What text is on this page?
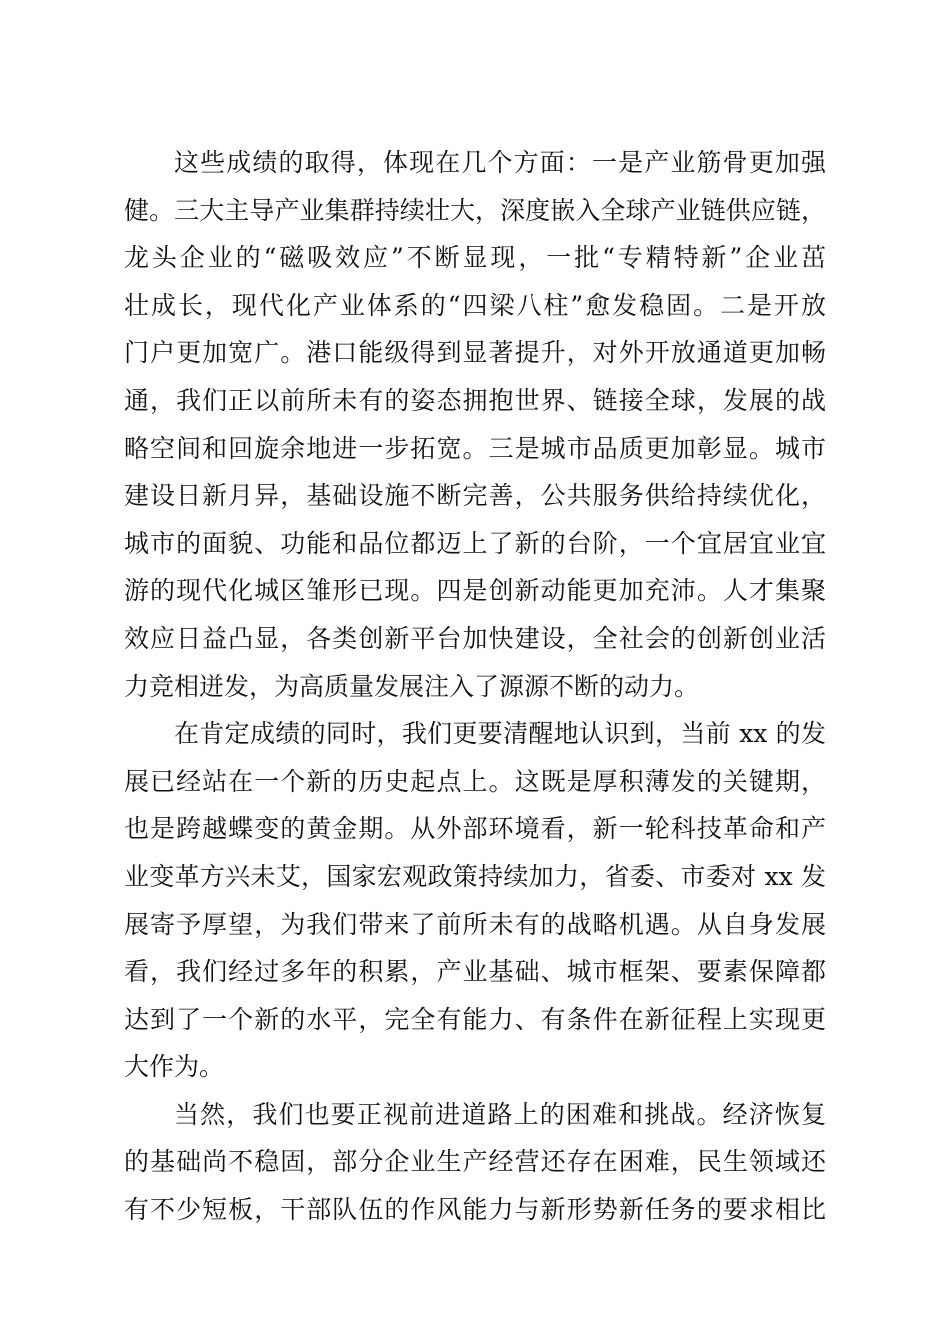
这些成绩的取得，体现在几个方面：一是产业筋骨更加强
健。三大主导产业集群持续壮大，深度嵌入全球产业链供应链，
龙头企业的“磁吸效应”不断显现，一批“专精特新”企业茁
壮成长，现代化产业体系的“四梁八柱”愈发稳固。二是开放
门户更加宽广。港口能级得到显著提升，对外开放通道更加畅
通，我们正以前所未有的姿态拥抱世界、链接全球，发展的战
略空间和回旋余地进一步拓宽。三是城市品质更加彰显。城市
建设日新月异，基础设施不断完善，公共服务供给持续优化，
城市的面貌、功能和品位都迈上了新的台阶，一个宜居宜业宜
游的现代化城区雏形已现。四是创新动能更加充沛。人才集聚
效应日益凸显，各类创新平台加快建设，全社会的创新创业活
力竞相迸发，为高质量发展注入了源源不断的动力。
在肯定成绩的同时，我们更要清醒地认识到，当前 xx 的发
展已经站在一个新的历史起点上。这既是厚积薄发的关键期，
也是跨越蝶变的黄金期。从外部环境看，新一轮科技革命和产
业变革方兴未艾，国家宏观政策持续加力，省委、市委对 xx 发
展寄予厚望，为我们带来了前所未有的战略机遇。从自身发展
看，我们经过多年的积累，产业基础、城市框架、要素保障都
达到了一个新的水平，完全有能力、有条件在新征程上实现更
大作为。
当然，我们也要正视前进道路上的困难和挑战。经济恢复
的基础尚不稳固，部分企业生产经营还存在困难，民生领域还
有不少短板，干部队伍的作风能力与新形势新任务的要求相比
